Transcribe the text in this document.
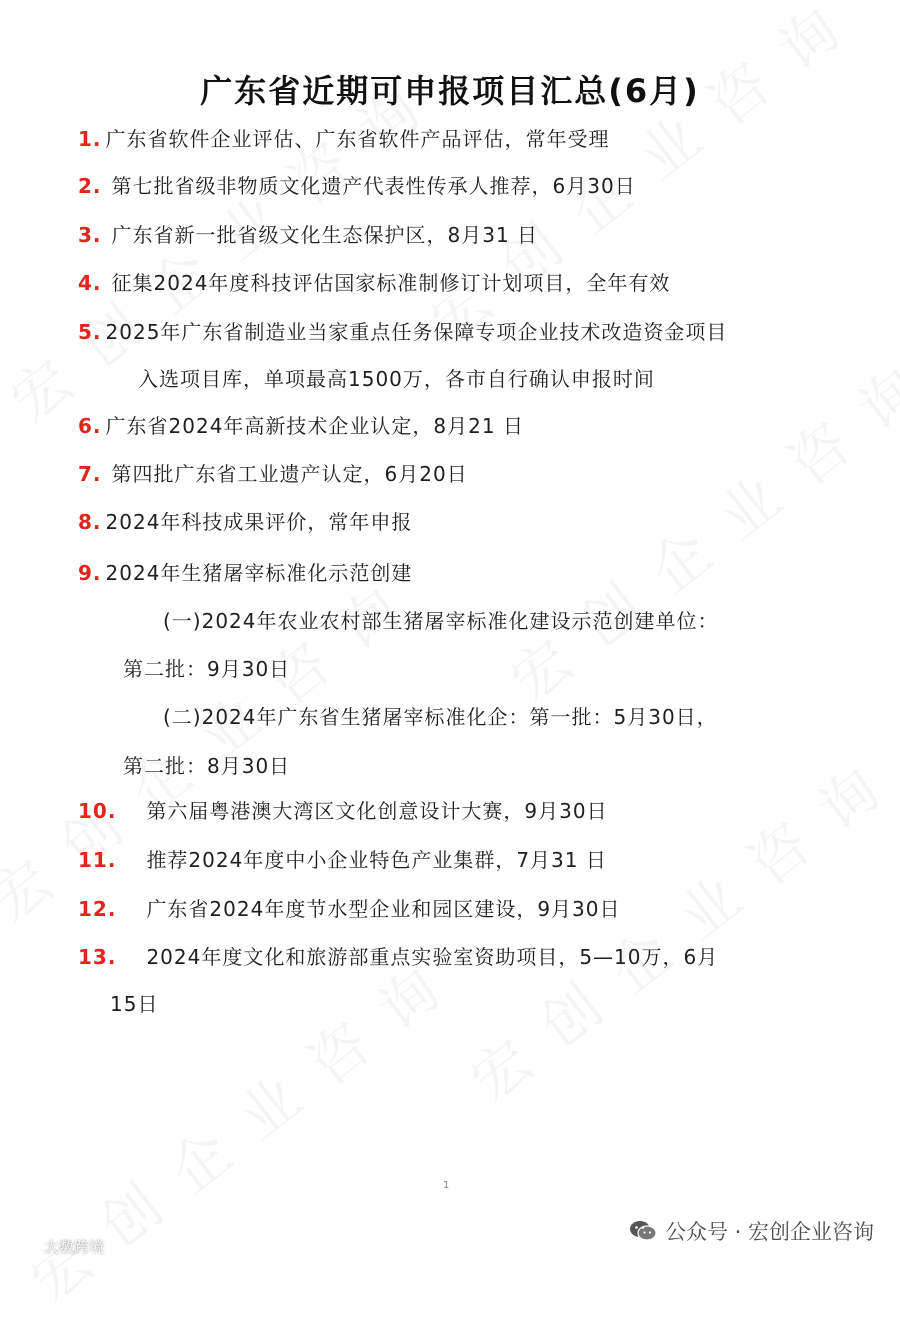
广东省近期可申报项目汇总(6月)
1. 广东省软件企业评估、广东省软件产品评估，常年受理
2. 第七批省级非物质文化遗产代表性传承人推荐，6月30日
3. 广东省新一批省级文化生态保护区，8月31 日
4. 征集2024年度科技评估国家标准制修订计划项目，全年有效
5. 2025年广东省制造业当家重点任务保障专项企业技术改造资金项目
入选项目库，单项最高1500万，各市自行确认申报时间
6. 广东省2024年高新技术企业认定，8月21 日
7. 第四批广东省工业遗产认定，6月20日
8. 2024年科技成果评价，常年申报
9. 2024年生猪屠宰标准化示范创建
(一)2024年农业农村部生猪屠宰标准化建设示范创建单位：
第二批：9月30日
(二)2024年广东省生猪屠宰标准化企：第一批：5月30日，
第二批：8月30日
10. 第六届粤港澳大湾区文化创意设计大赛，9月30日
11. 推荐2024年度中小企业特色产业集群，7月31 日
12. 广东省2024年度节水型企业和园区建设，9月30日
13. 2024年度文化和旅游部重点实验室资助项目，5—10万，6月
15日
1
大数跨境
公众号 · 宏创企业咨询
